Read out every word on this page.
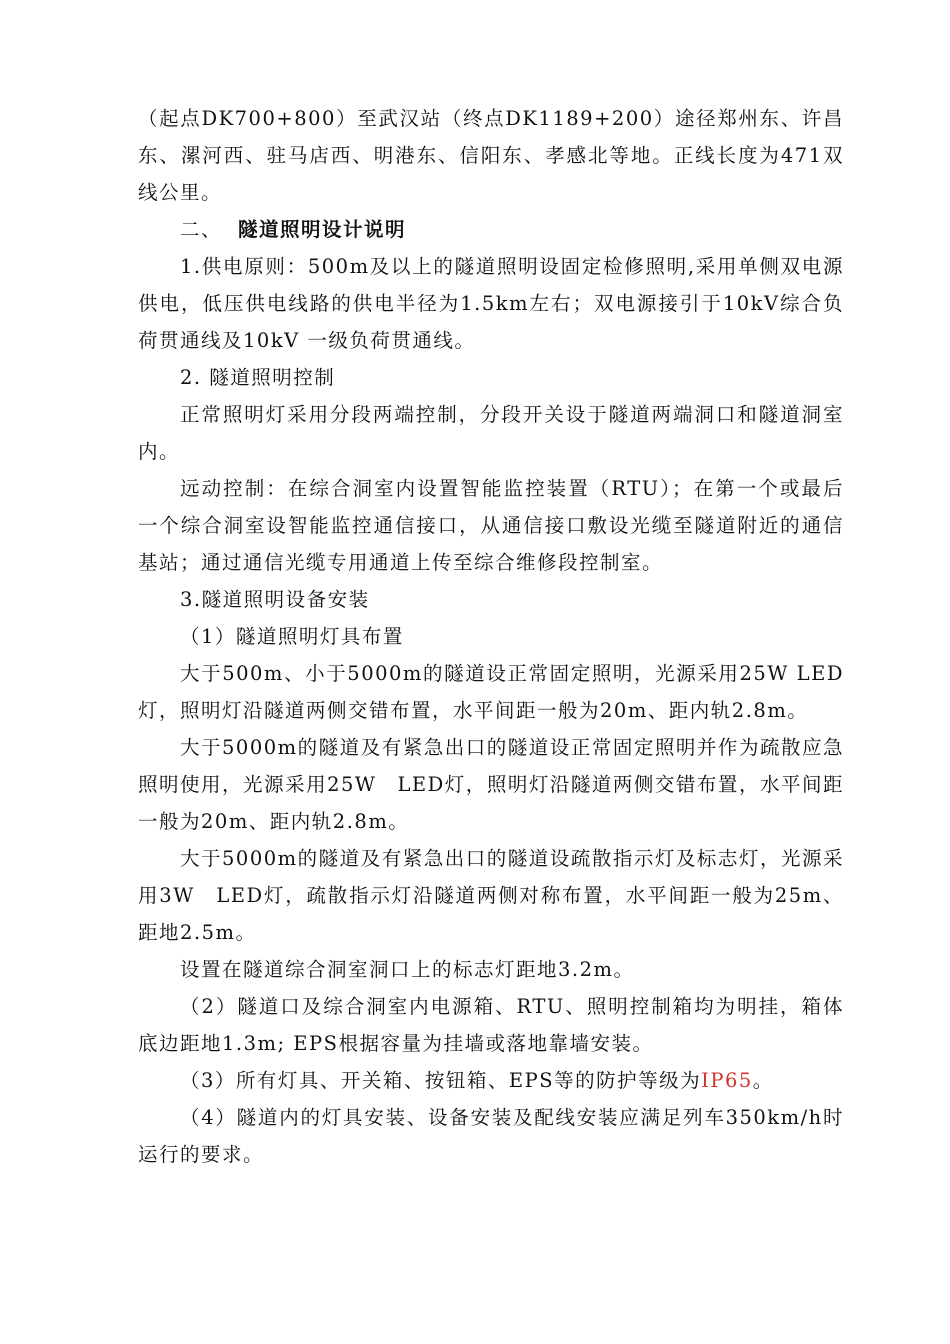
（起点DK700+800）至武汉站（终点DK1189+200）途径郑州东、许昌东、漯河西、驻马店西、明港东、信阳东、孝感北等地。正线长度为471双线公里。

二、 隧道照明设计说明

1.供电原则：500m及以上的隧道照明设固定检修照明,采用单侧双电源供电，低压供电线路的供电半径为1.5km左右；双电源接引于10kV综合负荷贯通线及10kV 一级负荷贯通线。

2. 隧道照明控制

正常照明灯采用分段两端控制，分段开关设于隧道两端洞口和隧道洞室内。

远动控制：在综合洞室内设置智能监控装置（RTU）；在第一个或最后一个综合洞室设智能监控通信接口，从通信接口敷设光缆至隧道附近的通信基站；通过通信光缆专用通道上传至综合维修段控制室。

3.隧道照明设备安装

（1）隧道照明灯具布置

大于500m、小于5000m的隧道设正常固定照明，光源采用25W LED灯，照明灯沿隧道两侧交错布置，水平间距一般为20m、距内轨2.8m。

大于5000m的隧道及有紧急出口的隧道设正常固定照明并作为疏散应急照明使用，光源采用25W　LED灯，照明灯沿隧道两侧交错布置，水平间距一般为20m、距内轨2.8m。

大于5000m的隧道及有紧急出口的隧道设疏散指示灯及标志灯，光源采用3W　LED灯，疏散指示灯沿隧道两侧对称布置，水平间距一般为25m、距地2.5m。

设置在隧道综合洞室洞口上的标志灯距地3.2m。

（2）隧道口及综合洞室内电源箱、RTU、照明控制箱均为明挂，箱体底边距地1.3m; EPS根据容量为挂墙或落地靠墙安装。

（3）所有灯具、开关箱、按钮箱、EPS等的防护等级为IP65。

（4）隧道内的灯具安装、设备安装及配线安装应满足列车350km/h时运行的要求。
